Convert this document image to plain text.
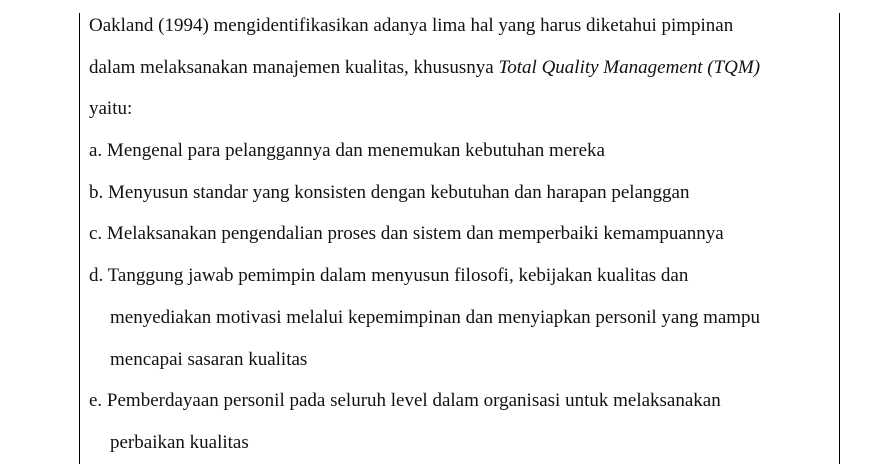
Oakland (1994) mengidentifikasikan adanya lima hal yang harus diketahui pimpinan
dalam melaksanakan manajemen kualitas, khususnya Total Quality Management (TQM)
yaitu:
a. Mengenal para pelanggannya dan menemukan kebutuhan mereka
b. Menyusun standar yang konsisten dengan kebutuhan dan harapan pelanggan
c. Melaksanakan pengendalian proses dan sistem dan memperbaiki kemampuannya
d. Tanggung jawab pemimpin dalam menyusun filosofi, kebijakan kualitas dan
menyediakan motivasi melalui kepemimpinan dan menyiapkan personil yang mampu
mencapai sasaran kualitas
e. Pemberdayaan personil pada seluruh level dalam organisasi untuk melaksanakan
perbaikan kualitas
